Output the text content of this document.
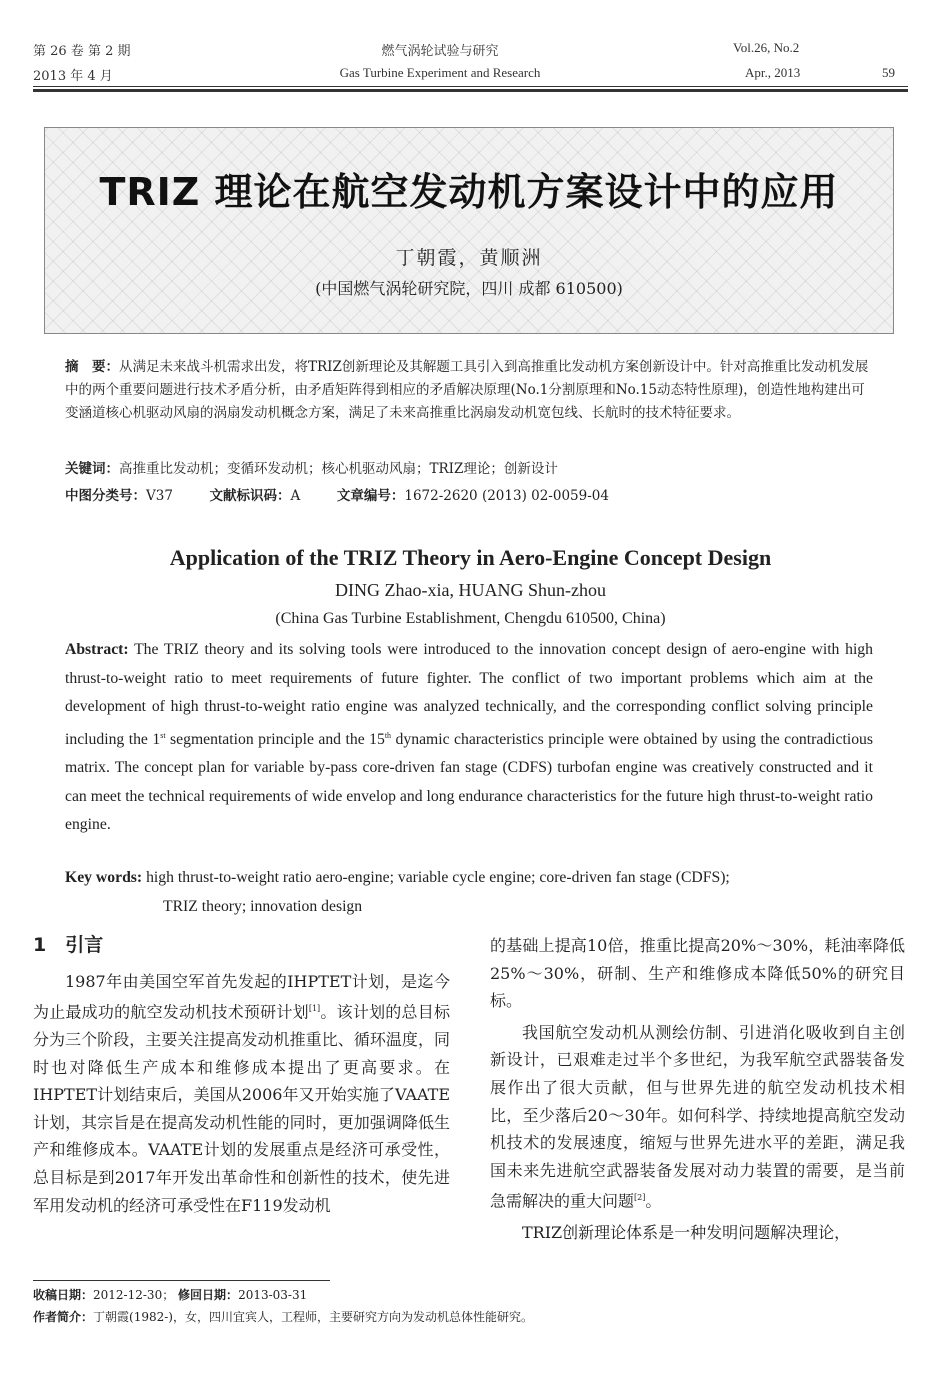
第 26 卷 第 2 期
2013 年 4 月
燃气涡轮试验与研究
Gas Turbine Experiment and Research
Vol.26, No.2
Apr., 2013	59
TRIZ 理论在航空发动机方案设计中的应用
丁朝霞，黄顺洲
(中国燃气涡轮研究院，四川 成都 610500)
摘　要：从满足未来战斗机需求出发，将TRIZ创新理论及其解题工具引入到高推重比发动机方案创新设计中。针对高推重比发动机发展中的两个重要问题进行技术矛盾分析，由矛盾矩阵得到相应的矛盾解决原理(No.1分割原理和No.15动态特性原理)，创造性地构建出可变涵道核心机驱动风扇的涡扇发动机概念方案，满足了未来高推重比涡扇发动机宽包线、长航时的技术特征要求。
关键词：高推重比发动机；变循环发动机；核心机驱动风扇；TRIZ理论；创新设计
中图分类号：V37	文献标识码：A	文章编号：1672-2620 (2013) 02-0059-04
Application of the TRIZ Theory in Aero-Engine Concept Design
DING Zhao-xia, HUANG Shun-zhou
(China Gas Turbine Establishment, Chengdu 610500, China)
Abstract: The TRIZ theory and its solving tools were introduced to the innovation concept design of aero-engine with high thrust-to-weight ratio to meet requirements of future fighter. The conflict of two important problems which aim at the development of high thrust-to-weight ratio engine was analyzed technically, and the corresponding conflict solving principle including the 1st segmentation principle and the 15th dynamic characteristics principle were obtained by using the contradictious matrix. The concept plan for variable by-pass core-driven fan stage (CDFS) turbofan engine was creatively constructed and it can meet the technical requirements of wide envelop and long endurance characteristics for the future high thrust-to-weight ratio engine.
Key words: high thrust-to-weight ratio aero-engine; variable cycle engine; core-driven fan stage (CDFS);
TRIZ theory; innovation design
1　引言
1987年由美国空军首先发起的IHPTET计划，是迄今为止最成功的航空发动机技术预研计划[1]。该计划的总目标分为三个阶段，主要关注提高发动机推重比、循环温度，同时也对降低生产成本和维修成本提出了更高要求。在IHPTET计划结束后，美国从2006年又开始实施了VAATE计划，其宗旨是在提高发动机性能的同时，更加强调降低生产和维修成本。VAATE计划的发展重点是经济可承受性，总目标是到2017年开发出革命性和创新性的技术，使先进军用发动机的经济可承受性在F119发动机
的基础上提高10倍，推重比提高20%～30%，耗油率降低25%～30%，研制、生产和维修成本降低50%的研究目标。
我国航空发动机从测绘仿制、引进消化吸收到自主创新设计，已艰难走过半个多世纪，为我军航空武器装备发展作出了很大贡献，但与世界先进的航空发动机技术相比，至少落后20～30年。如何科学、持续地提高航空发动机技术的发展速度，缩短与世界先进水平的差距，满足我国未来先进航空武器装备发展对动力装置的需要，是当前急需解决的重大问题[2]。
TRIZ创新理论体系是一种发明问题解决理论，
收稿日期：2012-12-30； 修回日期：2013-03-31
作者简介：丁朝霞(1982-)，女，四川宜宾人，工程师，主要研究方向为发动机总体性能研究。
